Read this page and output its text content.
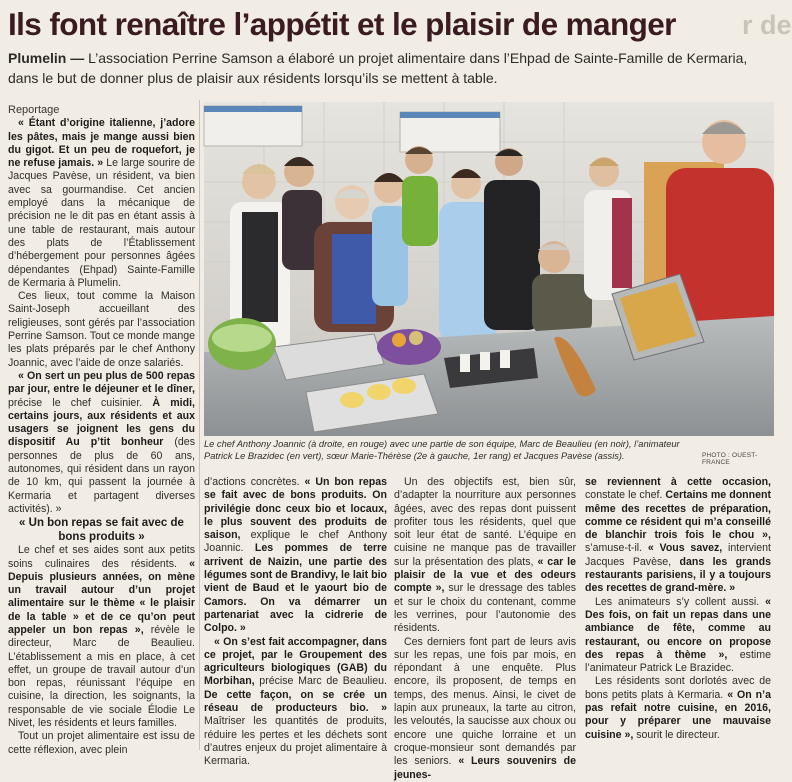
Ils font renaître l’appétit et le plaisir de manger	r de
Plumelin — L’association Perrine Samson a élaboré un projet alimentaire dans l’Ehpad de Sainte-Famille de Kermaria, dans le but de donner plus de plaisir aux résidents lorsqu’ils se mettent à table.

Reportage

« Étant d’origine italienne, j’adore les pâtes, mais je mange aussi bien du gigot. Et un peu de roquefort, je ne refuse jamais. » Le large sourire de Jacques Pavèse, un résident, va bien avec sa gourmandise. Cet ancien employé dans la mécanique de précision ne le dit pas en étant assis à une table de restaurant, mais autour des plats de l’Établissement d’hébergement pour personnes âgées dépendantes (Ehpad) Sainte-Famille de Kermaria à Plumelin.

Ces lieux, tout comme la Maison Saint-Joseph accueillant des religieuses, sont gérés par l’association Perrine Samson. Tout ce monde mange les plats préparés par le chef Anthony Joannic, avec l’aide de onze salariés.

« On sert un peu plus de 500 repas par jour, entre le déjeuner et le dîner, précise le chef cuisinier. À midi, certains jours, aux résidents et aux usagers se joignent les gens du dispositif Au p’tit bonheur (des personnes de plus de 60 ans, autonomes, qui résident dans un rayon de 10 km, qui passent la journée à Kermaria et partagent diverses activités). »

« Un bon repas se fait avec de bons produits »

Le chef et ses aides sont aux petits soins culinaires des résidents. « Depuis plusieurs années, on mène un travail autour d’un projet alimentaire sur le thème « le plaisir de la table » et de ce qu’on peut appeler un bon repas », révèle le directeur, Marc de Beaulieu. L’établissement a mis en place, à cet effet, un groupe de travail autour d’un bon repas, réunissant l’équipe en cuisine, la direction, les soignants, la responsable de vie sociale Élodie Le Nivet, les résidents et leurs familles.

Tout un projet alimentaire est issu de cette réflexion, avec plein

Le chef Anthony Joannic (à droite, en rouge) avec une partie de son équipe, Marc de Beaulieu (en noir), l’animateur Patrick Le Brazidec (en vert), sœur Marie-Thérèse (2e à gauche, 1er rang) et Jacques Pavèse (assis).	PHOTO : OUEST-FRANCE

d’actions concrètes. « Un bon repas se fait avec de bons produits. On privilégie donc ceux bio et locaux, le plus souvent des produits de saison, explique le chef Anthony Joannic. Les pommes de terre arrivent de Naizin, une partie des légumes sont de Brandivy, le lait bio vient de Baud et le yaourt bio de Camors. On va démarrer un partenariat avec la cidrerie de Colpo. »

« On s’est fait accompagner, dans ce projet, par le Groupement des agriculteurs biologiques (GAB) du Morbihan, précise Marc de Beaulieu. De cette façon, on se crée un réseau de producteurs bio. » Maîtriser les quantités de produits, réduire les pertes et les déchets sont d’autres enjeux du projet alimentaire à Kermaria.

Un des objectifs est, bien sûr, d’adapter la nourriture aux personnes âgées, avec des repas dont puissent profiter tous les résidents, quel que soit leur état de santé. L’équipe en cuisine ne manque pas de travailler sur la présentation des plats, « car le plaisir de la vue et des odeurs compte », sur le dressage des tables et sur le choix du contenant, comme les verrines, pour l’autonomie des résidents.

Ces derniers font part de leurs avis sur les repas, une fois par mois, en répondant à une enquête. Plus encore, ils proposent, de temps en temps, des menus. Ainsi, le civet de lapin aux pruneaux, la tarte au citron, les veloutés, la saucisse aux choux ou encore une quiche lorraine et un croque-monsieur sont demandés par les seniors. « Leurs souvenirs de jeunes-

se reviennent à cette occasion, constate le chef. Certains me donnent même des recettes de préparation, comme ce résident qui m’a conseillé de blanchir trois fois le chou », s’amuse-t-il. « Vous savez, intervient Jacques Pavèse, dans les grands restaurants parisiens, il y a toujours des recettes de grand-mère. »

Les animateurs s’y collent aussi. « Des fois, on fait un repas dans une ambiance de fête, comme au restaurant, ou encore on propose des repas à thème », estime l’animateur Patrick Le Brazidec.

Les résidents sont dorlotés avec de bons petits plats à Kermaria. « On n’a pas refait notre cuisine, en 2016, pour y préparer une mauvaise cuisine », sourit le directeur.
